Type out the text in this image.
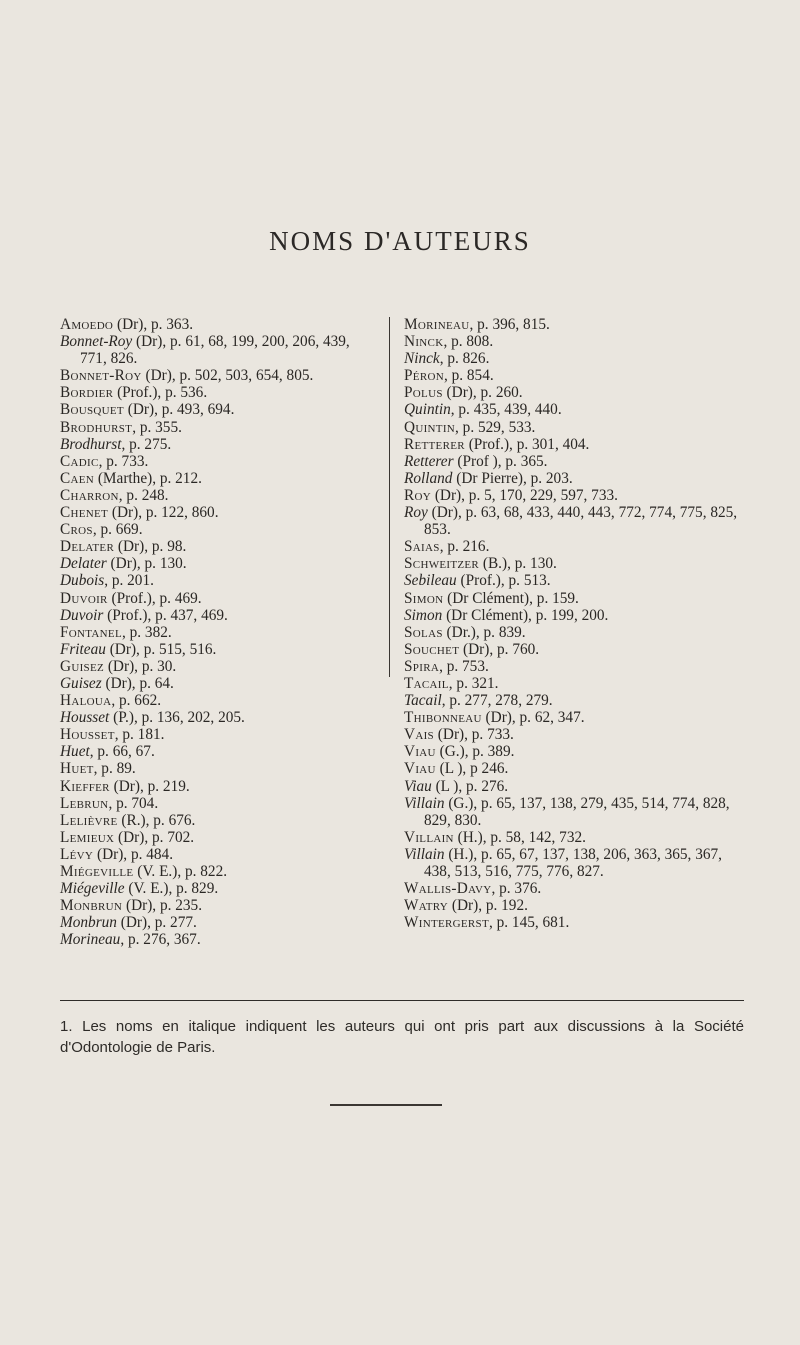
NOMS D'AUTEURS

Amoedo (Dr), p. 363.

Bonnet-Roy (Dr), p. 61, 68, 199, 200, 206, 439, 771, 826.

Bonnet-Roy (Dr), p. 502, 503, 654, 805.

Bordier (Prof.), p. 536.

Bousquet (Dr), p. 493, 694.

Brodhurst, p. 355.

Brodhurst, p. 275.

Cadic, p. 733.

Caen (Marthe), p. 212.

Charron, p. 248.

Chenet (Dr), p. 122, 860.

Cros, p. 669.

Delater (Dr), p. 98.

Delater (Dr), p. 130.

Dubois, p. 201.

Duvoir (Prof.), p. 469.

Duvoir (Prof.), p. 437, 469.

Fontanel, p. 382.

Friteau (Dr), p. 515, 516.

Guisez (Dr), p. 30.

Guisez (Dr), p. 64.

Haloua, p. 662.

Housset (P.), p. 136, 202, 205.

Housset, p. 181.

Huet, p. 66, 67.

Huet, p. 89.

Kieffer (Dr), p. 219.

Lebrun, p. 704.

Lelièvre (R.), p. 676.

Lemieux (Dr), p. 702.

Lévy (Dr), p. 484.

Miégeville (V. E.), p. 822.

Miégeville (V. E.), p. 829.

Monbrun (Dr), p. 235.

Monbrun (Dr), p. 277.

Morineau, p. 276, 367.

Morineau, p. 396, 815.

Ninck, p. 808.

Ninck, p. 826.

Péron, p. 854.

Polus (Dr), p. 260.

Quintin, p. 435, 439, 440.

Quintin, p. 529, 533.

Retterer (Prof.), p. 301, 404.

Retterer (Prof ), p. 365.

Rolland (Dr Pierre), p. 203.

Roy (Dr), p. 5, 170, 229, 597, 733.

Roy (Dr), p. 63, 68, 433, 440, 443, 772, 774, 775, 825, 853.

Saias, p. 216.

Schweitzer (B.), p. 130.

Sebileau (Prof.), p. 513.

Simon (Dr Clément), p. 159.

Simon (Dr Clément), p. 199, 200.

Solas (Dr.), p. 839.

Souchet (Dr), p. 760.

Spira, p. 753.

Tacail, p. 321.

Tacail, p. 277, 278, 279.

Thibonneau (Dr), p. 62, 347.

Vais (Dr), p. 733.

Viau (G.), p. 389.

Viau (L ), p 246.

Viau (L ), p. 276.

Villain (G.), p. 65, 137, 138, 279, 435, 514, 774, 828, 829, 830.

Villain (H.), p. 58, 142, 732.

Villain (H.), p. 65, 67, 137, 138, 206, 363, 365, 367, 438, 513, 516, 775, 776, 827.

Wallis-Davy, p. 376.

Watry (Dr), p. 192.

Wintergerst, p. 145, 681.

1. Les noms en italique indiquent les auteurs qui ont pris part aux discussions à la Société d'Odontologie de Paris.
